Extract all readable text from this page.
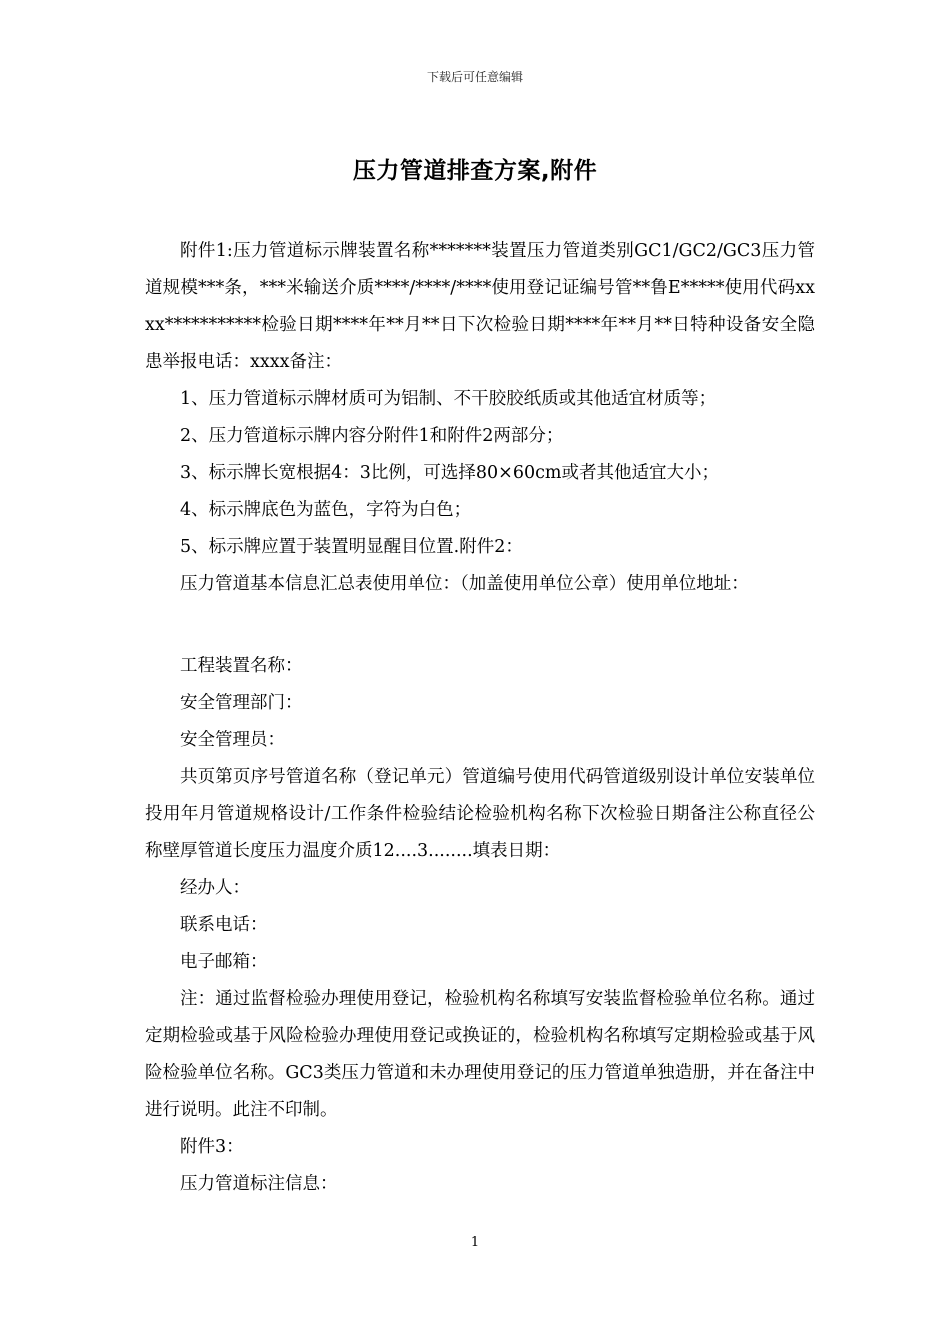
下载后可任意编辑
压力管道排查方案,附件

附件1:压力管道标示牌装置名称*******装置压力管道类别GC1/GC2/GC3压力管道规模***条，***米输送介质****/****/****使用登记证编号管**鲁E*****使用代码xxxx***********检验日期****年**月**日下次检验日期****年**月**日特种设备安全隐患举报电话：xxxx备注：

1、压力管道标示牌材质可为铝制、不干胶胶纸质或其他适宜材质等；

2、压力管道标示牌内容分附件1和附件2两部分；

3、标示牌长宽根据4：3比例，可选择80×60cm或者其他适宜大小；

4、标示牌底色为蓝色，字符为白色；

5、标示牌应置于装置明显醒目位置.附件2：

压力管道基本信息汇总表使用单位：（加盖使用单位公章）使用单位地址：

工程装置名称：

安全管理部门：

安全管理员：

共页第页序号管道名称（登记单元）管道编号使用代码管道级别设计单位安装单位投用年月管道规格设计/工作条件检验结论检验机构名称下次检验日期备注公称直径公称壁厚管道长度压力温度介质12....3........填表日期：

经办人：

联系电话：

电子邮箱：

注：通过监督检验办理使用登记，检验机构名称填写安装监督检验单位名称。通过定期检验或基于风险检验办理使用登记或换证的，检验机构名称填写定期检验或基于风险检验单位名称。GC3类压力管道和未办理使用登记的压力管道单独造册，并在备注中进行说明。此注不印制。

附件3：

压力管道标注信息：

1
